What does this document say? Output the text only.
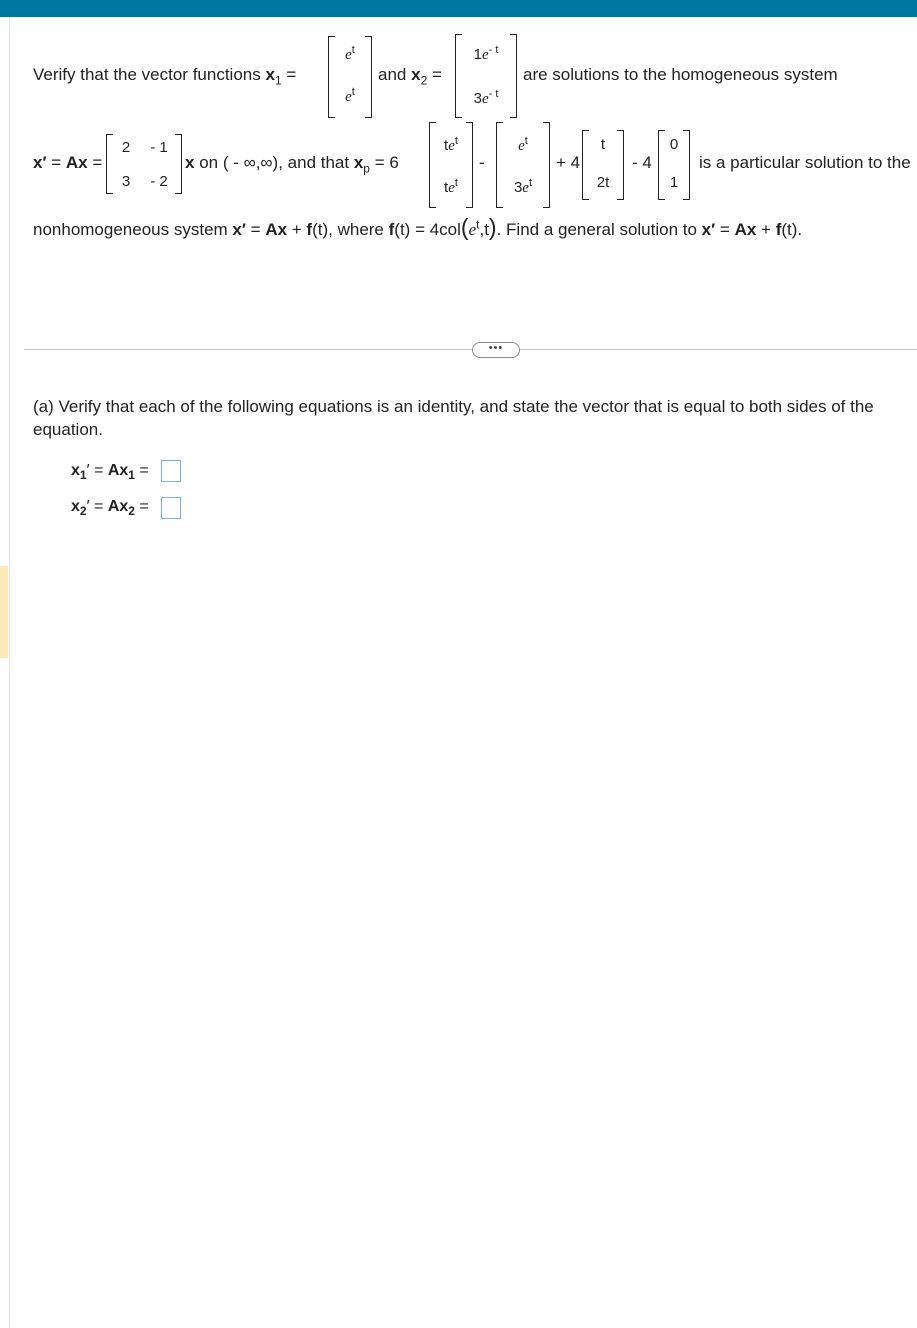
Verify that the vector functions $x_1$ =
$e^t$
$e^t$
and $x_2$ =
$1e^{- t}$
$3e^{- t}$
are solutions to the homogeneous system
x′ = Ax =
2	- 1
3	- 2
x on ( - ∞,∞), and that $x_p = 6$
$te^t$
$te^t$
-
$e^t$
$3e^t$
+ 4
t
2t
- 4
0
1
is a particular solution to the
nonhomogeneous system x′ = Ax + f(t), where $f(t) = 4col(e^t,t)$. Find a general solution to x′ = Ax + f(t).
•••
(a) Verify that each of the following equations is an identity, and state the vector that is equal to both sides of the
equation.
$x_1' = Ax_1$ =
$x_2' = Ax_2$ =
